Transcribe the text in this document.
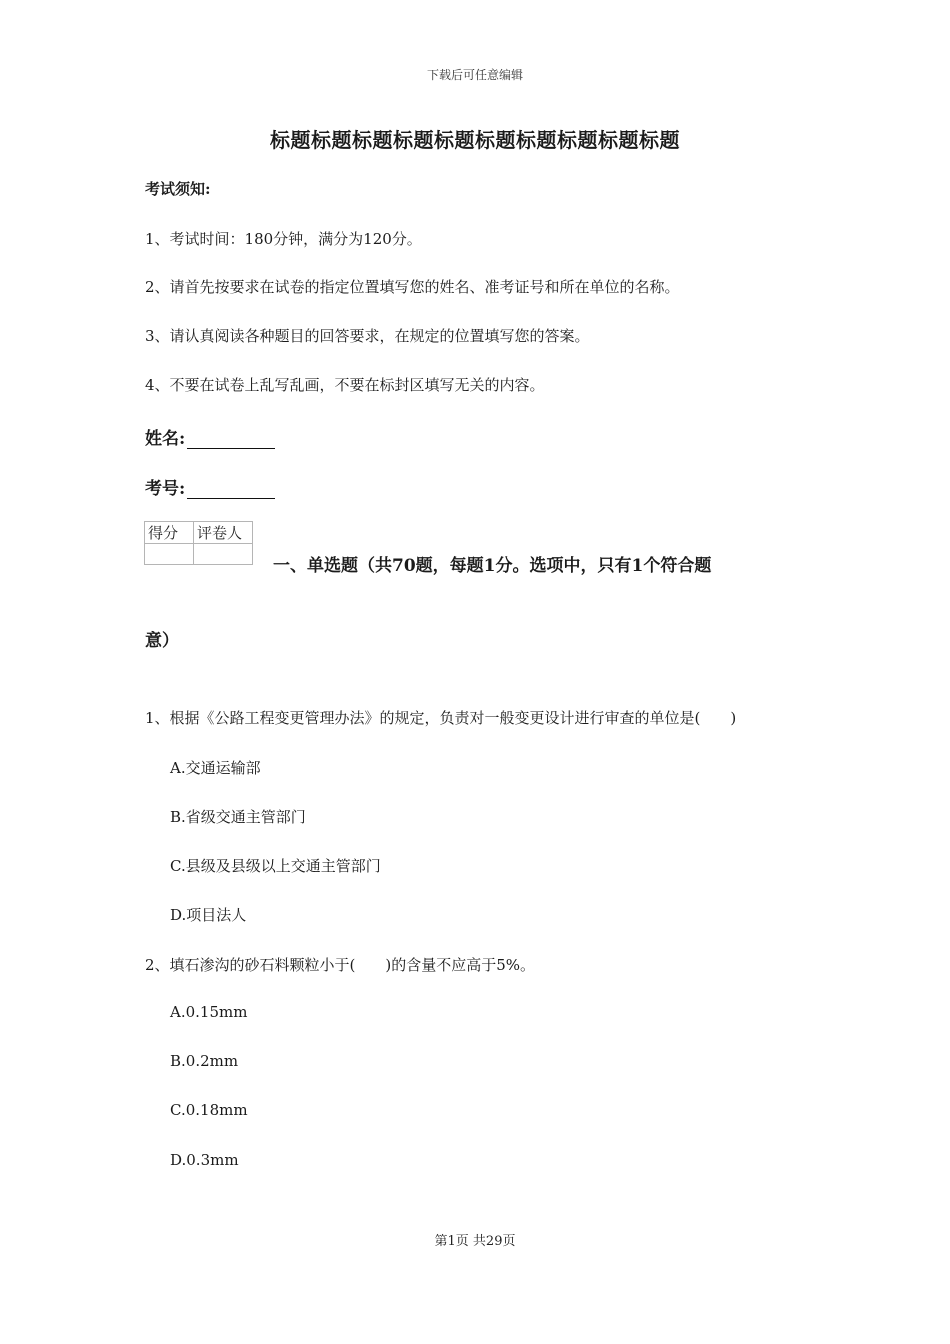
下载后可任意编辑
标题标题标题标题标题标题标题标题标题标题
考试须知:
1、考试时间：180分钟，满分为120分。
2、请首先按要求在试卷的指定位置填写您的姓名、准考证号和所在单位的名称。
3、请认真阅读各种题目的回答要求，在规定的位置填写您的答案。
4、不要在试卷上乱写乱画，不要在标封区填写无关的内容。
姓名:
考号:
得分	评卷人

一、单选题（共70题，每题1分。选项中，只有1个符合题
意）
1、根据《公路工程变更管理办法》的规定，负责对一般变更设计进行审查的单位是(　　)
A.交通运输部
B.省级交通主管部门
C.县级及县级以上交通主管部门
D.项目法人
2、填石渗沟的砂石料颗粒小于(　　)的含量不应高于5%。
A.0.15mm
B.0.2mm
C.0.18mm
D.0.3mm
第1页 共29页
